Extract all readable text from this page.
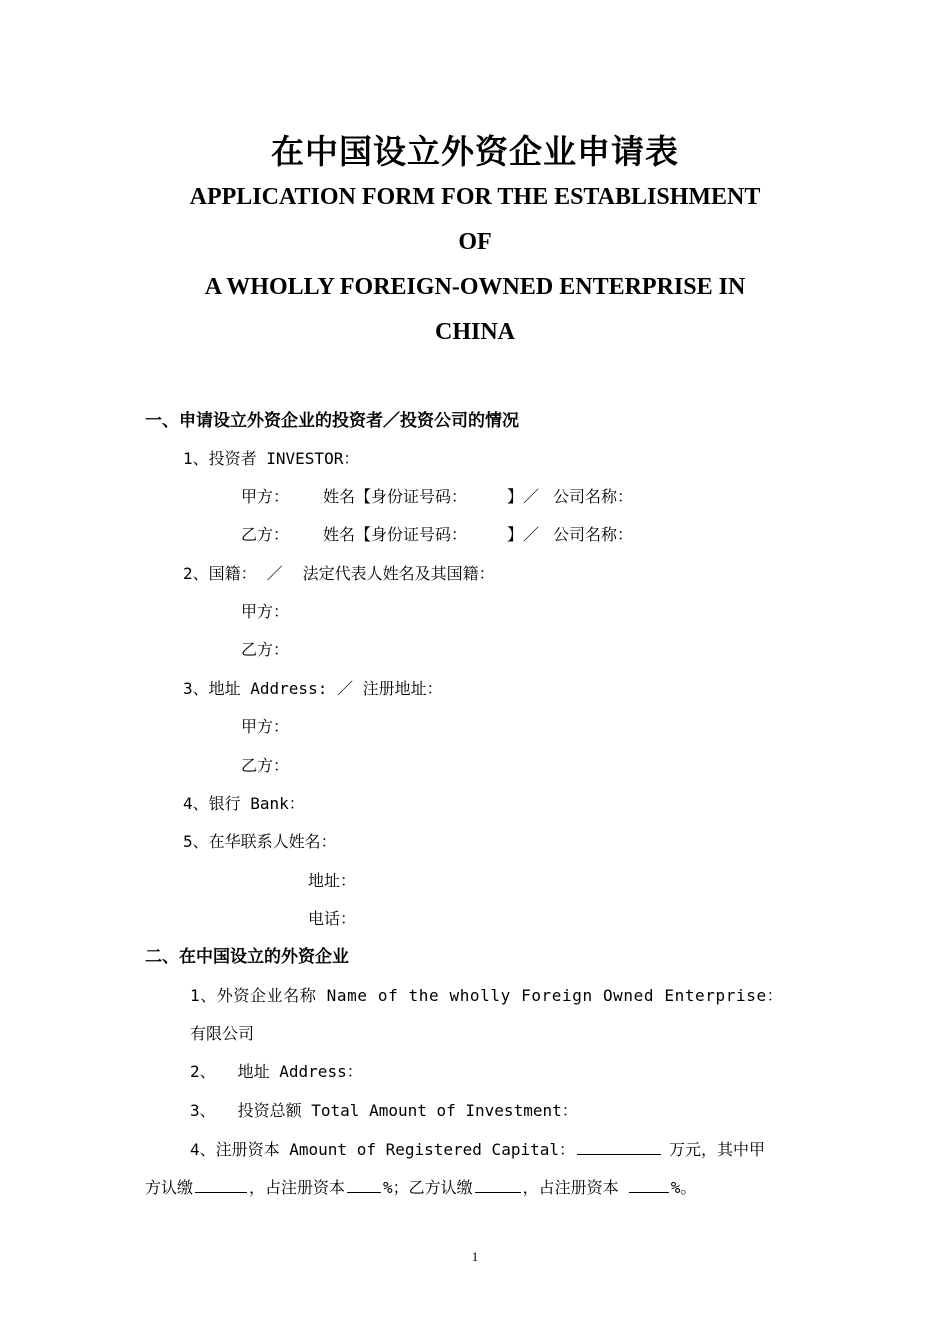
在中国设立外资企业申请表
APPLICATION FORM FOR THE ESTABLISHMENT
OF
A WHOLLY FOREIGN-OWNED ENTERPRISE IN
CHINA
一、申请设立外资企业的投资者／投资公司的情况
1、投资者 INVESTOR：
甲方： 姓名【身份证号码：	】／ 公司名称：
乙方： 姓名【身份证号码：	】／ 公司名称：
2、国籍： ／ 法定代表人姓名及其国籍：
甲方：
乙方：
3、地址 Address: ／ 注册地址：
甲方：
乙方：
4、银行 Bank：
5、在华联系人姓名：
地址：
电话：
二、在中国设立的外资企业
1、外资企业名称 Name of the wholly Foreign Owned Enterprise：
有限公司
2、 地址 Address：
3、 投资总额 Total Amount of Investment：
4、注册资本 Amount of Registered Capital：	万元，其中甲
方认缴	，占注册资本 %；乙方认缴	，占注册资本	%。
1
